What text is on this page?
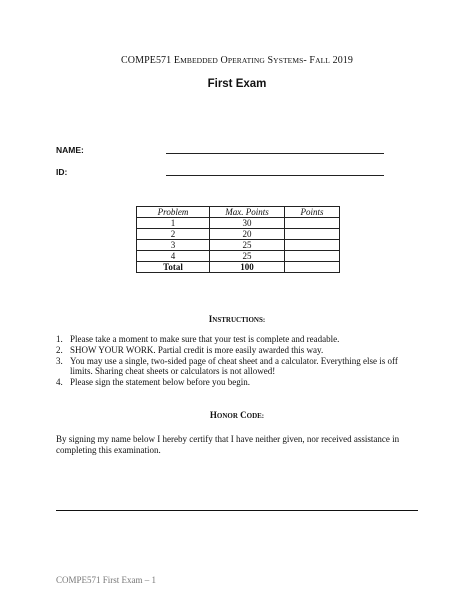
COMPE571 EMBEDDED OPERATING SYSTEMS- FALL 2019
First Exam
NAME:
ID:
Problem	Max. Points	Points
1	30	
2	20	
3	25	
4	25	
Total	100	
INSTRUCTIONS:
1. Please take a moment to make sure that your test is complete and readable.
2. SHOW YOUR WORK. Partial credit is more easily awarded this way.
3. You may use a single, two-sided page of cheat sheet and a calculator. Everything else is off limits. Sharing cheat sheets or calculators is not allowed!
4. Please sign the statement below before you begin.
HONOR CODE:
By signing my name below I hereby certify that I have neither given, nor received assistance in completing this examination.
COMPE571 First Exam – 1
